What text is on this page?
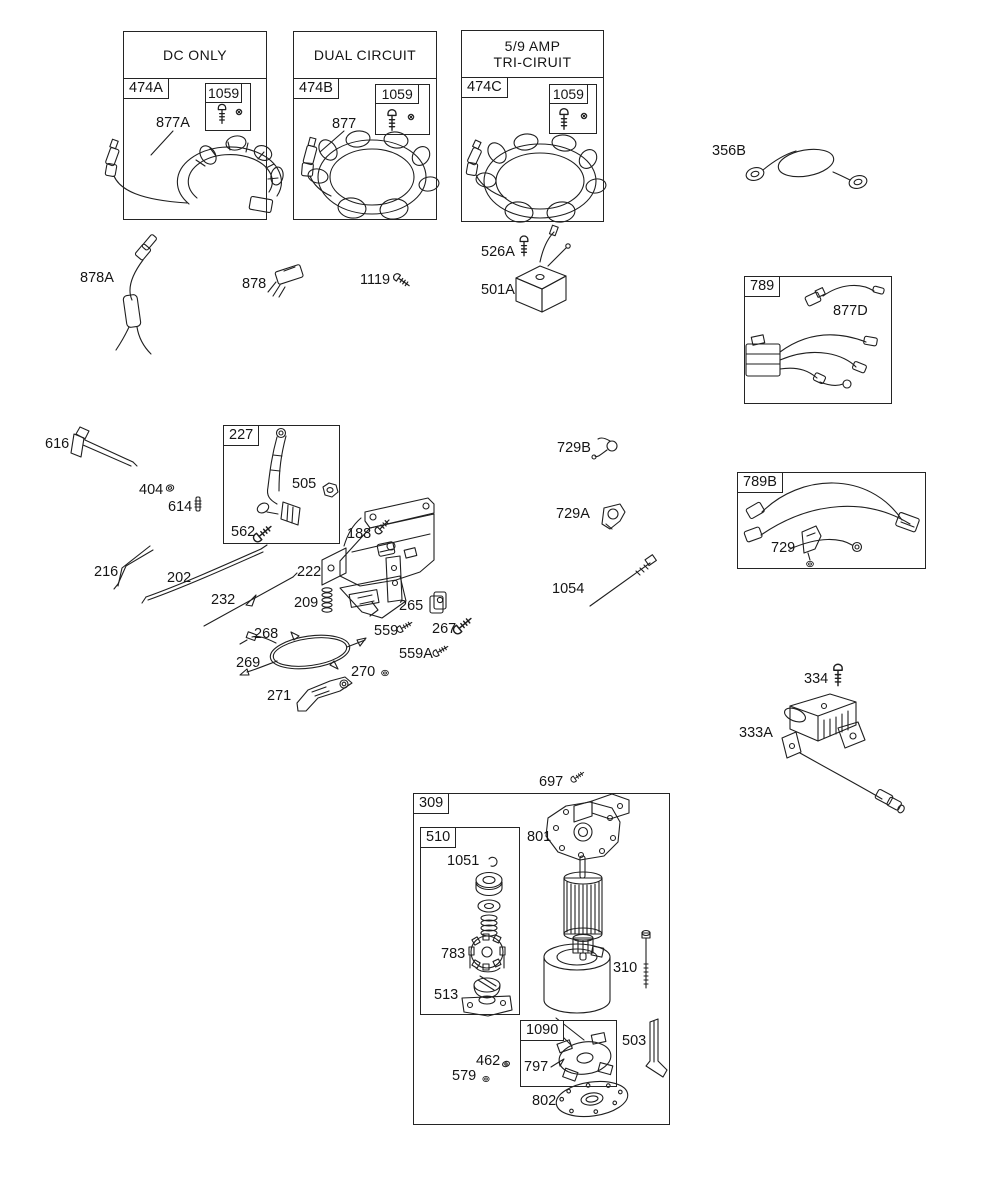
DC ONLY
474A	1059
DUAL CIRCUIT
474B	1059
5/9 AMP
TRI-CIRUIT
474C	1059
789
789B
227
309
510
1090
877A	877
356B
878A	878	1119
526A
501A
877D
616
404
614
505
562	188
216	202
232
222
209	265
268	559 267
269
559A
270
271
729B
729A
1054
729
334
333A
697
801
1051
783
513
310
797
462
579
802
503
